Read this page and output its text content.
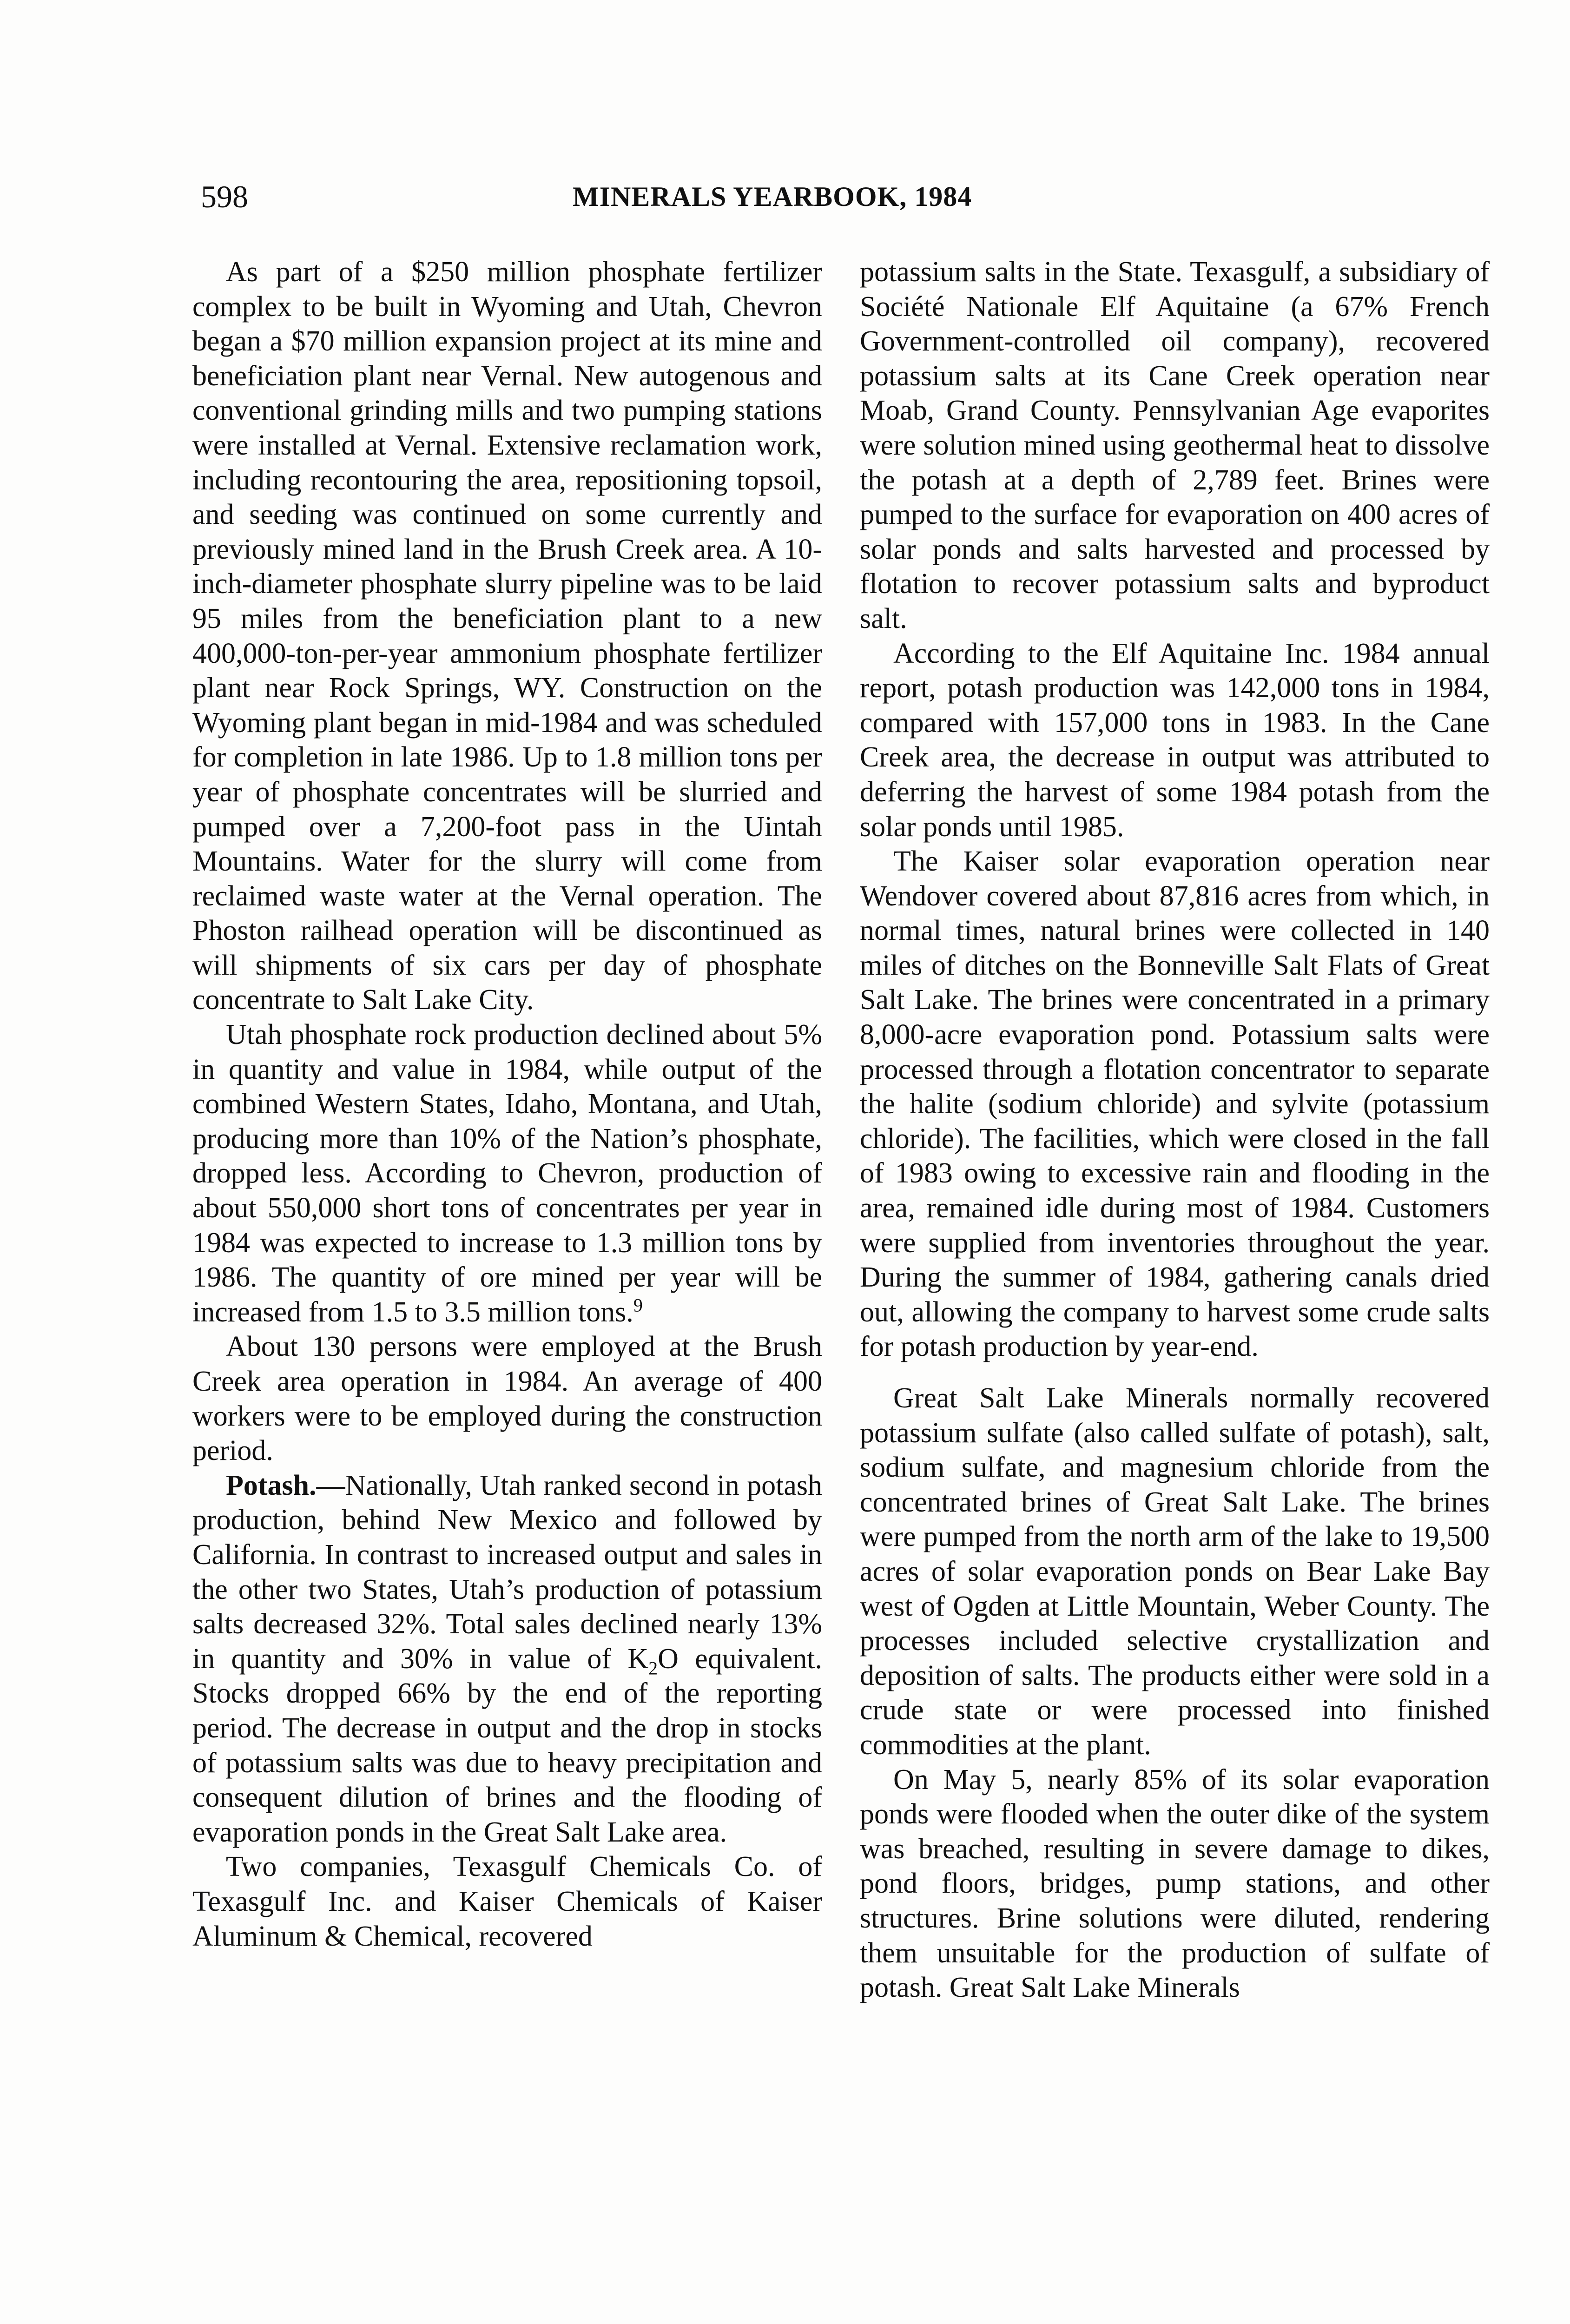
598	MINERALS YEARBOOK, 1984

As part of a $250 million phosphate fertilizer complex to be built in Wyoming and Utah, Chevron began a $70 million expansion project at its mine and beneficiation plant near Vernal. New autogenous and conventional grinding mills and two pumping stations were installed at Vernal. Extensive reclamation work, including recontouring the area, repositioning topsoil, and seeding was continued on some currently and previously mined land in the Brush Creek area. A 10-inch-diameter phosphate slurry pipeline was to be laid 95 miles from the beneficiation plant to a new 400,000-ton-per-year ammonium phosphate fertilizer plant near Rock Springs, WY. Construction on the Wyoming plant began in mid-1984 and was scheduled for completion in late 1986. Up to 1.8 million tons per year of phosphate concentrates will be slurried and pumped over a 7,200-foot pass in the Uintah Mountains. Water for the slurry will come from reclaimed waste water at the Vernal operation. The Phoston railhead operation will be discontinued as will shipments of six cars per day of phosphate concentrate to Salt Lake City.

Utah phosphate rock production declined about 5% in quantity and value in 1984, while output of the combined Western States, Idaho, Montana, and Utah, producing more than 10% of the Nation’s phosphate, dropped less. According to Chevron, production of about 550,000 short tons of concentrates per year in 1984 was expected to increase to 1.3 million tons by 1986. The quantity of ore mined per year will be increased from 1.5 to 3.5 million tons.$^9$

About 130 persons were employed at the Brush Creek area operation in 1984. An average of 400 workers were to be employed during the construction period.

Potash.—Nationally, Utah ranked second in potash production, behind New Mexico and followed by California. In contrast to increased output and sales in the other two States, Utah’s production of potassium salts decreased 32%. Total sales declined nearly 13% in quantity and 30% in value of $K_2O$ equivalent. Stocks dropped 66% by the end of the reporting period. The decrease in output and the drop in stocks of potassium salts was due to heavy precipitation and consequent dilution of brines and the flooding of evaporation ponds in the Great Salt Lake area.

Two companies, Texasgulf Chemicals Co. of Texasgulf Inc. and Kaiser Chemicals of Kaiser Aluminum & Chemical, recovered

potassium salts in the State. Texasgulf, a subsidiary of Société Nationale Elf Aquitaine (a 67% French Government-controlled oil company), recovered potassium salts at its Cane Creek operation near Moab, Grand County. Pennsylvanian Age evaporites were solution mined using geothermal heat to dissolve the potash at a depth of 2,789 feet. Brines were pumped to the surface for evaporation on 400 acres of solar ponds and salts harvested and processed by flotation to recover potassium salts and byproduct salt.

According to the Elf Aquitaine Inc. 1984 annual report, potash production was 142,000 tons in 1984, compared with 157,000 tons in 1983. In the Cane Creek area, the decrease in output was attributed to deferring the harvest of some 1984 potash from the solar ponds until 1985.

The Kaiser solar evaporation operation near Wendover covered about 87,816 acres from which, in normal times, natural brines were collected in 140 miles of ditches on the Bonneville Salt Flats of Great Salt Lake. The brines were concentrated in a primary 8,000-acre evaporation pond. Potassium salts were processed through a flotation concentrator to separate the halite (sodium chloride) and sylvite (potassium chloride). The facilities, which were closed in the fall of 1983 owing to excessive rain and flooding in the area, remained idle during most of 1984. Customers were supplied from inventories throughout the year. During the summer of 1984, gathering canals dried out, allowing the company to harvest some crude salts for potash production by year-end.

Great Salt Lake Minerals normally recovered potassium sulfate (also called sulfate of potash), salt, sodium sulfate, and magnesium chloride from the concentrated brines of Great Salt Lake. The brines were pumped from the north arm of the lake to 19,500 acres of solar evaporation ponds on Bear Lake Bay west of Ogden at Little Mountain, Weber County. The processes included selective crystallization and deposition of salts. The products either were sold in a crude state or were processed into finished commodities at the plant.

On May 5, nearly 85% of its solar evaporation ponds were flooded when the outer dike of the system was breached, resulting in severe damage to dikes, pond floors, bridges, pump stations, and other structures. Brine solutions were diluted, rendering them unsuitable for the production of sulfate of potash. Great Salt Lake Minerals
